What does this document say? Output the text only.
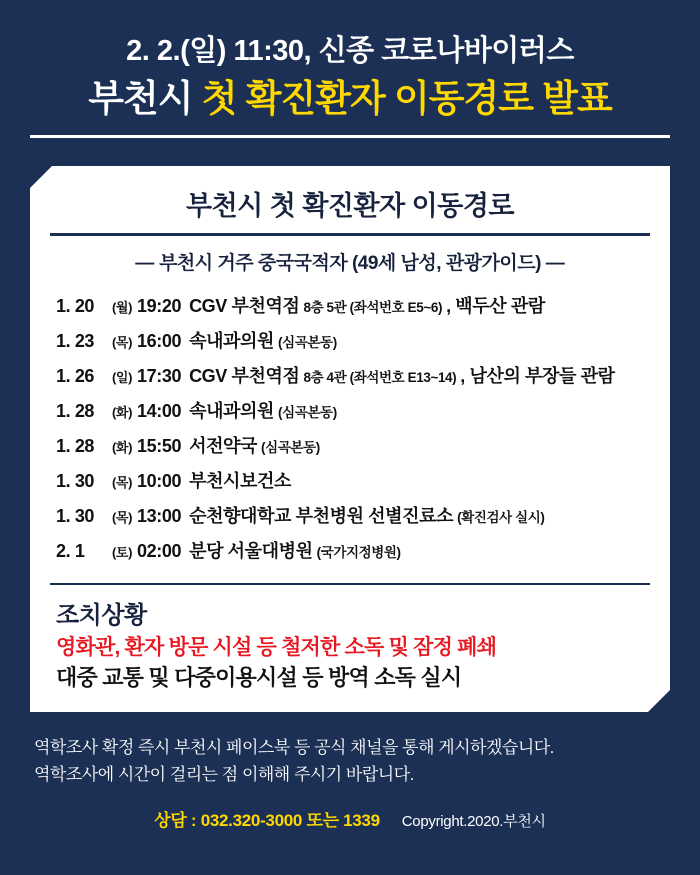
2. 2.(일) 11:30, 신종 코로나바이러스
부천시 첫 확진환자 이동경로 발표
부천시 첫 확진환자 이동경로
— 부천시 거주 중국국적자 (49세 남성, 관광가이드) —
1. 20	(월) 19:20 CGV 부천역점 8층 5관 (좌석번호 E5~6) , 백두산 관람
1. 23	(목) 16:00 속내과의원 (심곡본동)
1. 26	(일) 17:30 CGV 부천역점 8층 4관 (좌석번호 E13~14) , 남산의 부장들 관람
1. 28	(화) 14:00 속내과의원 (심곡본동)
1. 28	(화) 15:50 서전약국 (심곡본동)
1. 30	(목) 10:00 부천시보건소
1. 30	(목) 13:00 순천향대학교 부천병원 선별진료소 (확진검사 실시)
2. 1	(토) 02:00 분당 서울대병원 (국가지정병원)
조치상황
영화관, 환자 방문 시설 등 철저한 소독 및 잠정 폐쇄
대중 교통 및 다중이용시설 등 방역 소독 실시
역학조사 확정 즉시 부천시 페이스북 등 공식 채널을 통해 게시하겠습니다.
역학조사에 시간이 걸리는 점 이해해 주시기 바랍니다.
상담 : 032.320-3000 또는 1339 Copyright.2020.부천시
